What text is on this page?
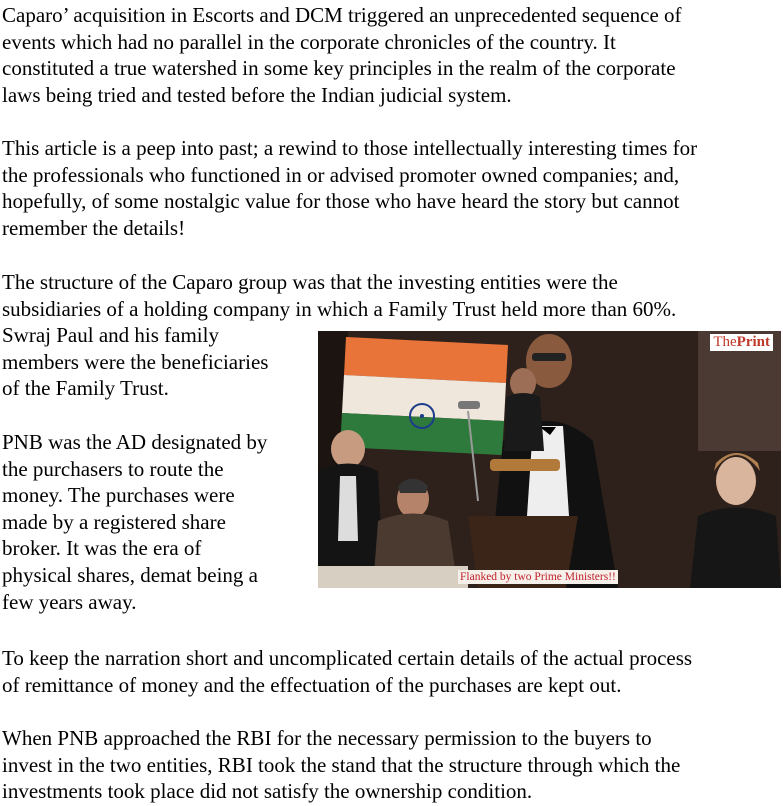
Caparo’ acquisition in Escorts and DCM triggered an unprecedented sequence of
events which had no parallel in the corporate chronicles of the country. It
constituted a true watershed in some key principles in the realm of the corporate
laws being tried and tested before the Indian judicial system.

This article is a peep into past; a rewind to those intellectually interesting times for
the professionals who functioned in or advised promoter owned companies; and,
hopefully, of some nostalgic value for those who have heard the story but cannot
remember the details!

The structure of the Caparo group was that the investing entities were the
subsidiaries of a holding company in which a Family Trust held more than 60%.

Swraj Paul and his family
members were the beneficiaries
of the Family Trust.

PNB was the AD designated by
the purchasers to route the
money. The purchases were
made by a registered share
broker. It was the era of
physical shares, demat being a
few years away.

To keep the narration short and uncomplicated certain details of the actual process
of remittance of money and the effectuation of the purchases are kept out.

When PNB approached the RBI for the necessary permission to the buyers to
invest in the two entities, RBI took the stand that the structure through which the
investments took place did not satisfy the ownership condition.

ThePrint
Flanked by two Prime Ministers!!
